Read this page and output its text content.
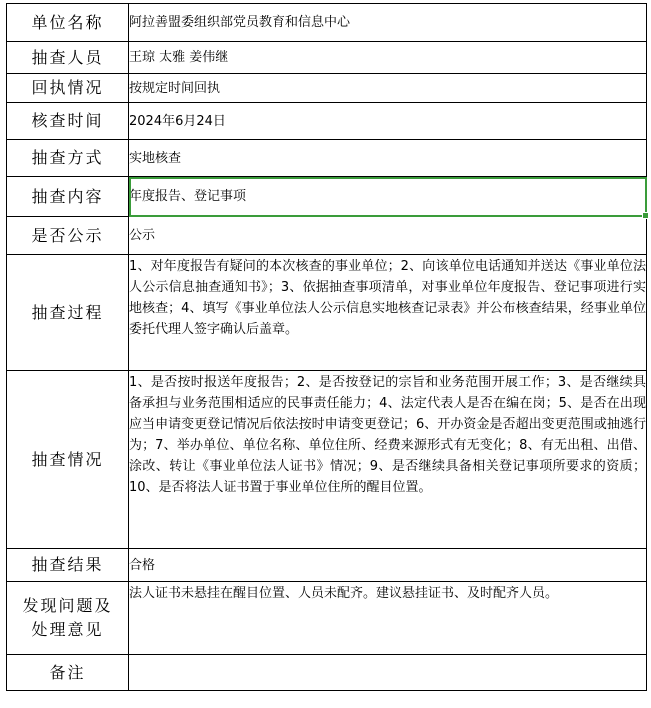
单位名称	阿拉善盟委组织部党员教育和信息中心
抽查人员	王琼 太雅 姜伟继
回执情况	按规定时间回执
核查时间	2024年6月24日
抽查方式	实地核查
抽查内容	年度报告、登记事项

是否公示	公示
抽查过程	1、对年度报告有疑问的本次核查的事业单位；2、向该单位电话通知并送达《事业单位法人公示信息抽查通知书》；3、依据抽查事项清单，对事业单位年度报告、登记事项进行实地核查；4、填写《事业单位法人公示信息实地核查记录表》并公布核查结果，经事业单位委托代理人签字确认后盖章。
抽查情况	1、是否按时报送年度报告；2、是否按登记的宗旨和业务范围开展工作；3、是否继续具备承担与业务范围相适应的民事责任能力；4、法定代表人是否在编在岗；5、是否在出现应当申请变更登记情况后依法按时申请变更登记；6、开办资金是否超出变更范围或抽逃行为；7、举办单位、单位名称、单位住所、经费来源形式有无变化；8、有无出租、出借、涂改、转让《事业单位法人证书》情况；9、是否继续具备相关登记事项所要求的资质；10、是否将法人证书置于事业单位住所的醒目位置。
抽查结果	合格
发现问题及
处理意见	法人证书未悬挂在醒目位置、人员未配齐。建议悬挂证书、及时配齐人员。
备注	
